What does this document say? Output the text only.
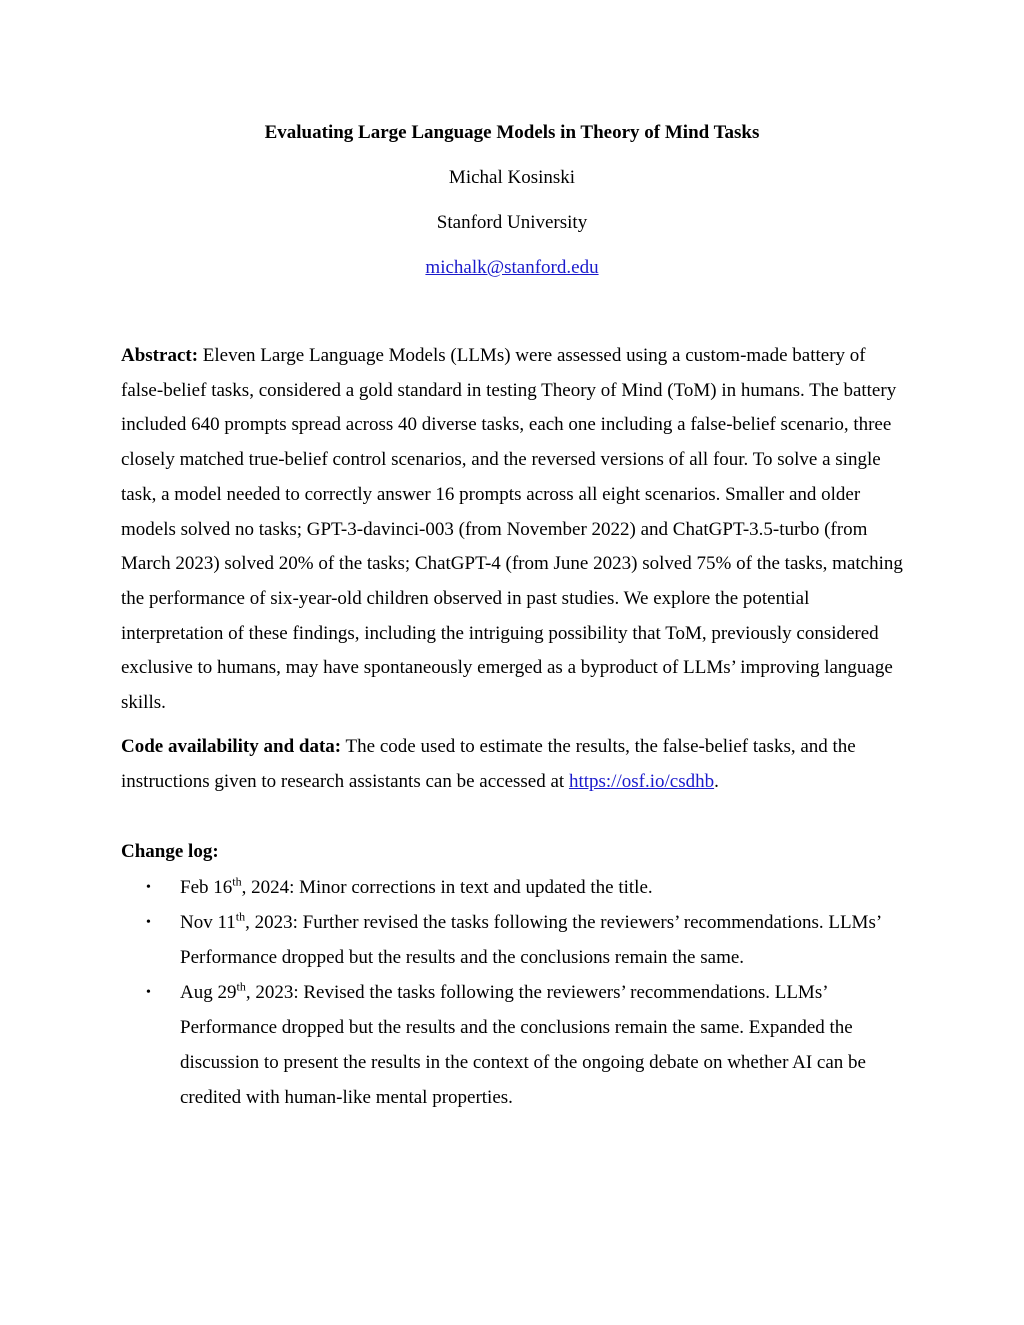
Evaluating Large Language Models in Theory of Mind Tasks
Michal Kosinski
Stanford University
michalk@stanford.edu
Abstract: Eleven Large Language Models (LLMs) were assessed using a custom-made battery of false-belief tasks, considered a gold standard in testing Theory of Mind (ToM) in humans. The battery included 640 prompts spread across 40 diverse tasks, each one including a false-belief scenario, three closely matched true-belief control scenarios, and the reversed versions of all four. To solve a single task, a model needed to correctly answer 16 prompts across all eight scenarios. Smaller and older models solved no tasks; GPT-3-davinci-003 (from November 2022) and ChatGPT-3.5-turbo (from March 2023) solved 20% of the tasks; ChatGPT-4 (from June 2023) solved 75% of the tasks, matching the performance of six-year-old children observed in past studies. We explore the potential interpretation of these findings, including the intriguing possibility that ToM, previously considered exclusive to humans, may have spontaneously emerged as a byproduct of LLMs’ improving language skills.
Code availability and data: The code used to estimate the results, the false-belief tasks, and the instructions given to research assistants can be accessed at https://osf.io/csdhb.
Change log:
• Feb 16th, 2024: Minor corrections in text and updated the title.
• Nov 11th, 2023: Further revised the tasks following the reviewers’ recommendations. LLMs’ Performance dropped but the results and the conclusions remain the same.
• Aug 29th, 2023: Revised the tasks following the reviewers’ recommendations. LLMs’ Performance dropped but the results and the conclusions remain the same. Expanded the discussion to present the results in the context of the ongoing debate on whether AI can be credited with human-like mental properties.
